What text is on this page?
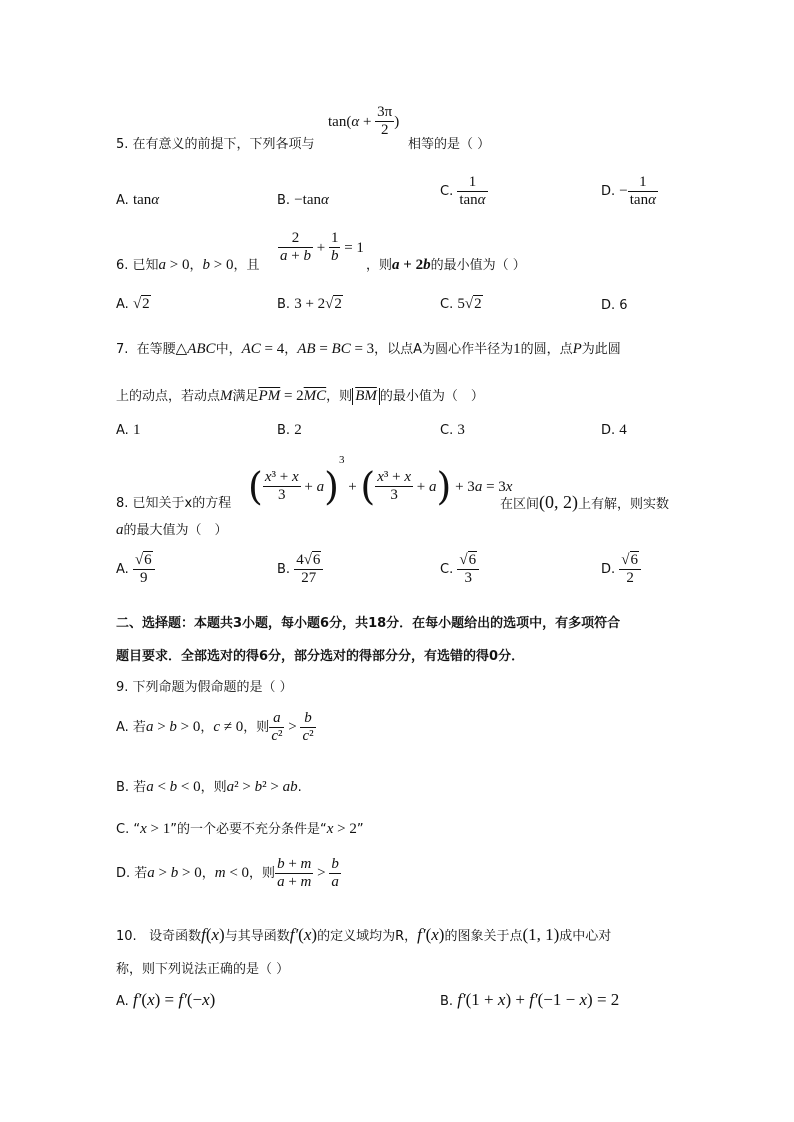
$\tan(\alpha + \frac{3\pi}{2}$ )
5. 在有意义的前提下，下列各项与	相等的是（ ）
A. tanα	B. −tanα
C. $\frac{1}{\tan\alpha}$	D. − $\frac{1}{\tan\alpha}$
6. 已知a > 0，b > 0，且
$\frac{2}{a + b} + \frac{1}{b} = 1$
，则a + 2b的最小值为（ ）
A. √2	B. 3 + 2√2	C. 5√2	D. 6
7.  在等腰△ABC中，AC = 4，AB = BC = 3，以点A为圆心作半径为1的圆，点P为此圆
上的动点，若动点M满足$\overline{PM} = 2\overline{MC}$，则 $\overline{BM}$ 的最小值为（　）
A. 1	B. 2	C. 3	D. 4
8. 已知关于x的方程 ( $\frac{\text{x³ + x}}{3} + a)^3$ + ( $\frac{\text{x³ + x}}{3} + a) + 3a = 3x$
在区间(0, 2)上有解，则实数
a的最大值为（　）
A. $\frac{√6}{9}$	B. $\frac{4√6}{27}$	C. $\frac{√6}{3}$	D. $\frac{√6}{2}$
二、选择题：本题共3小题，每小题6分，共18分．在每小题给出的选项中，有多项符合
题目要求．全部选对的得6分，部分选对的得部分分，有选错的得0分．
9. 下列命题为假命题的是（ ）
A. 若a > b > 0，c ≠ 0，则 $\frac{a}{\text{c²}} > \frac{b}{\text{c²}}$
B. 若a < b < 0，则a² > b² > ab.
C. “x > 1”的一个必要不充分条件是“x > 2”
D. 若a > b > 0，m < 0，则 $\frac{b + m}{a + m} > \frac{b}{a}$
10.   设奇函数f(x)与其导函数f′(x)的定义域均为R，f′(x)的图象关于点(1, 1)成中心对
称，则下列说法正确的是（ ）
A. f′(x) = f′(−x)	B. f′(1 + x) + f′(−1 − x) = 2
